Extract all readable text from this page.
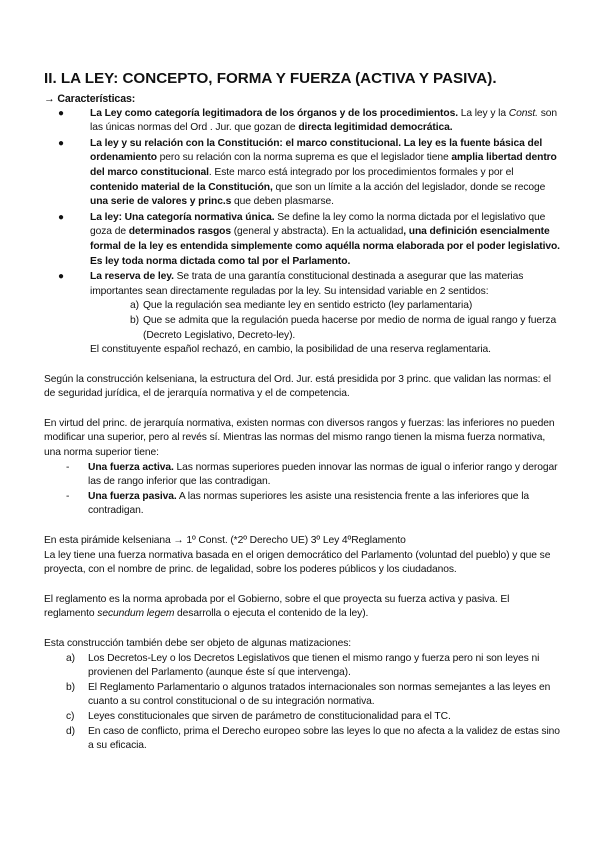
II. LA LEY: CONCEPTO, FORMA Y FUERZA (ACTIVA Y PASIVA).

→ Características:

●	La Ley como categoría legitimadora de los órganos y de los procedimientos. La ley y la Const. son las únicas normas del Ord . Jur. que gozan de directa legitimidad democrática.
●	La ley y su relación con la Constitución: el marco constitucional. La ley es la fuente básica del ordenamiento pero su relación con la norma suprema es que el legislador tiene amplia libertad dentro del marco constitucional. Este marco está integrado por los procedimientos formales y por el contenido material de la Constitución, que son un límite a la acción del legislador, donde se recoge una serie de valores y princ.s que deben plasmarse.
●	La ley: Una categoría normativa única. Se define la ley como la norma dictada por el legislativo que goza de determinados rasgos (general y abstracta). En la actualidad, una definición esencialmente formal de la ley es entendida simplemente como aquélla norma elaborada por el poder legislativo. Es ley toda norma dictada como tal por el Parlamento.
●	La reserva de ley. Se trata de una garantía constitucional destinada a asegurar que las materias importantes sean directamente reguladas por la ley. Su intensidad variable en 2 sentidos:
a) Que la regulación sea mediante ley en sentido estricto (ley parlamentaria)
b) Que se admita que la regulación pueda hacerse por medio de norma de igual rango y fuerza (Decreto Legislativo, Decreto-ley).

El constituyente español rechazó, en cambio, la posibilidad de una reserva reglamentaria.

Según la construcción kelseniana, la estructura del Ord. Jur. está presidida por 3 princ. que validan las normas: el de seguridad jurídica, el de jerarquía normativa y el de competencia.

En virtud del princ. de jerarquía normativa, existen normas con diversos rangos y fuerzas: las inferiores no pueden modificar una superior, pero al revés sí. Mientras las normas del mismo rango tienen la misma fuerza normativa, una norma superior tiene:

- Una fuerza activa. Las normas superiores pueden innovar las normas de igual o inferior rango y derogar las de rango inferior que las contradigan.
- Una fuerza pasiva. A las normas superiores les asiste una resistencia frente a las inferiores que la contradigan.

En esta pirámide kelseniana → 1º Const. (*2º Derecho UE) 3º Ley 4ºReglamento

La ley tiene una fuerza normativa basada en el origen democrático del Parlamento (voluntad del pueblo) y que se proyecta, con el nombre de princ. de legalidad, sobre los poderes públicos y los ciudadanos.

El reglamento es la norma aprobada por el Gobierno, sobre el que proyecta su fuerza activa y pasiva. El reglamento secundum legem desarrolla o ejecuta el contenido de la ley).

Esta construcción también debe ser objeto de algunas matizaciones:

a) Los Decretos-Ley o los Decretos Legislativos que tienen el mismo rango y fuerza pero ni son leyes ni provienen del Parlamento (aunque éste sí que intervenga).
b) El Reglamento Parlamentario o algunos tratados internacionales son normas semejantes a las leyes en cuanto a su control constitucional o de su integración normativa.
c) Leyes constitucionales que sirven de parámetro de constitucionalidad para el TC.
d) En caso de conflicto, prima el Derecho europeo sobre las leyes lo que no afecta a la validez de estas sino a su eficacia.
